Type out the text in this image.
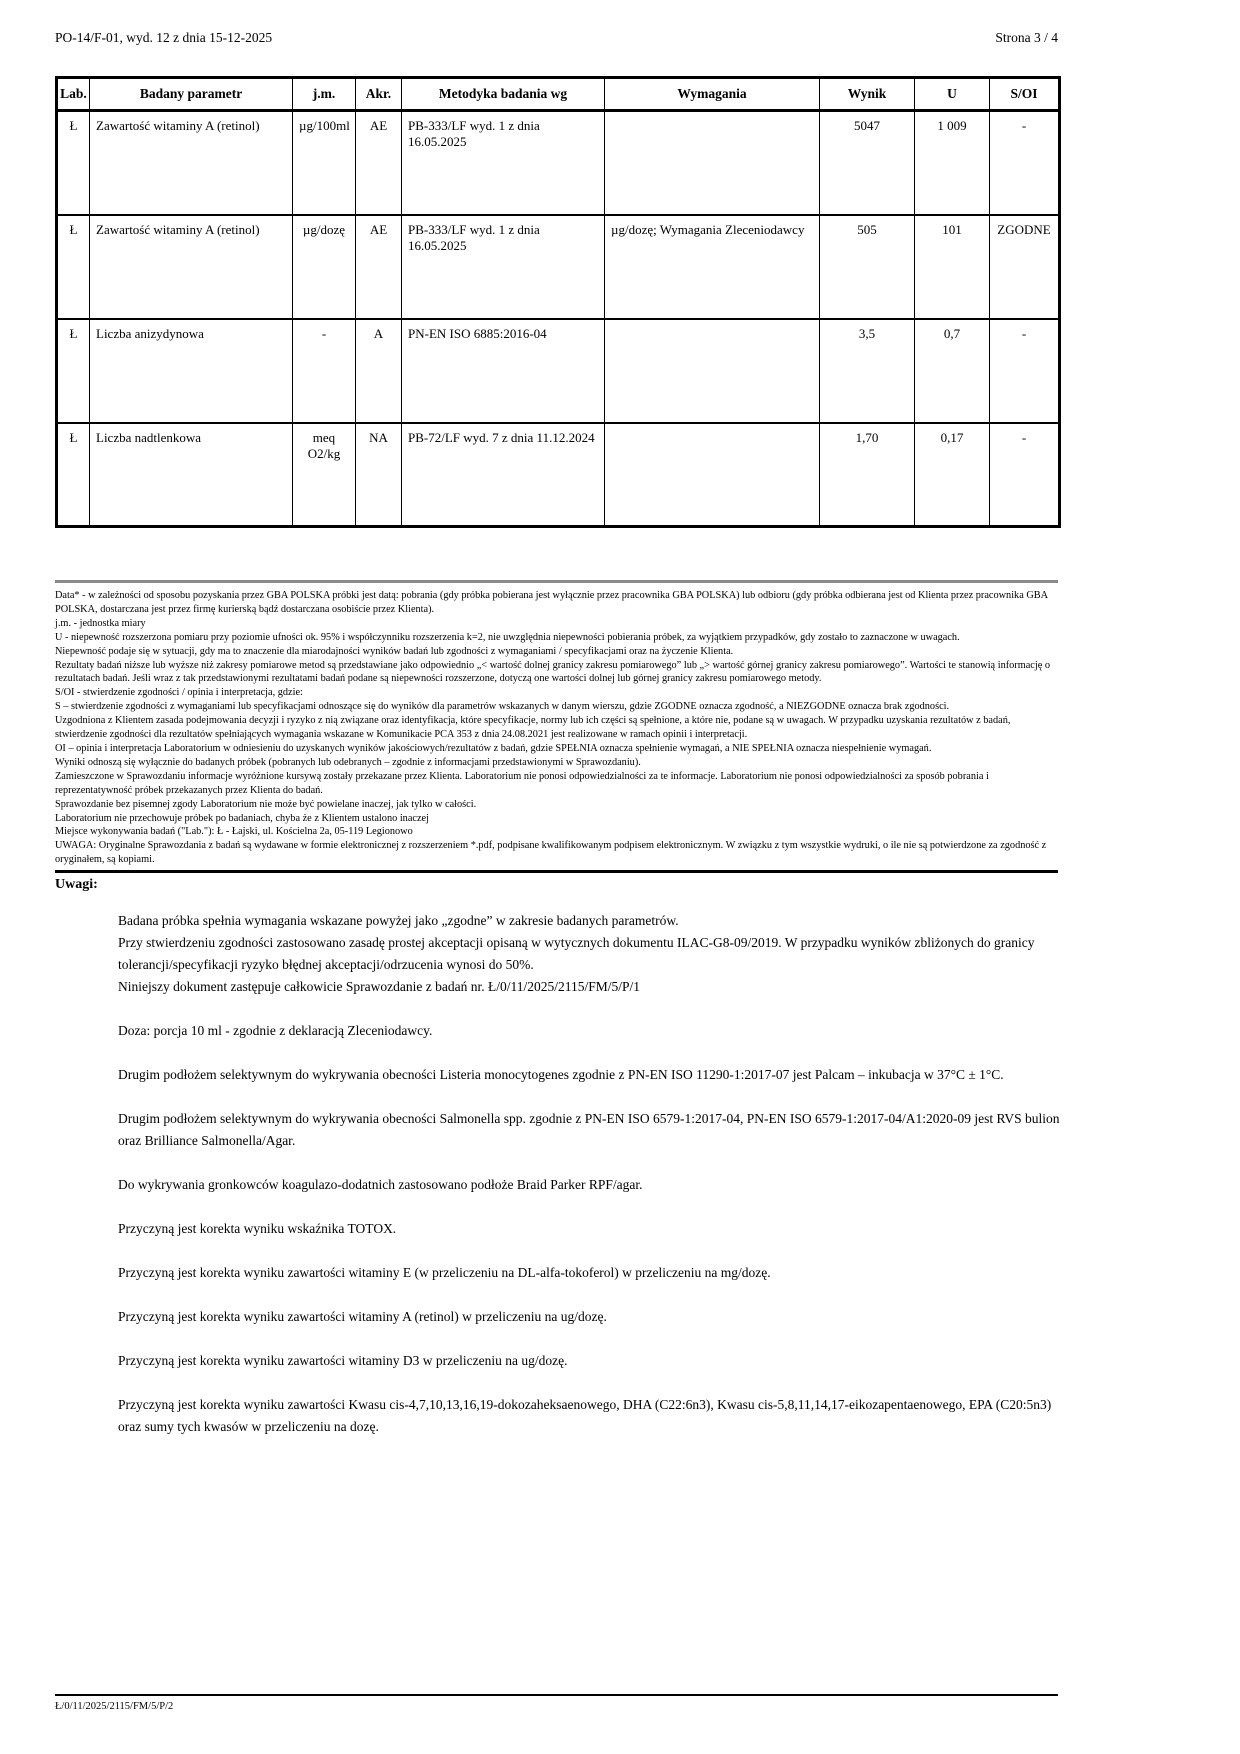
PO-14/F-01, wyd. 12 z dnia 15-12-2025	Strona 3 / 4
Lab.	Badany parametr	j.m.	Akr.	Metodyka badania wg	Wymagania	Wynik	U	S/OI
Ł	Zawartość witaminy A (retinol)	µg/100ml	AE	PB-333/LF wyd. 1 z dnia 16.05.2025		5047	1 009	-
Ł	Zawartość witaminy A (retinol)	µg/dozę	AE	PB-333/LF wyd. 1 z dnia 16.05.2025	µg/dozę; Wymagania Zleceniodawcy	505	101	ZGODNE
Ł	Liczba anizydynowa	-	A	PN-EN ISO 6885:2016-04		3,5	0,7	-
Ł	Liczba nadtlenkowa	meq O2/kg	NA	PB-72/LF wyd. 7 z dnia 11.12.2024		1,70	0,17	-

Data* - w zależności od sposobu pozyskania przez GBA POLSKA próbki jest datą: pobrania (gdy próbka pobierana jest wyłącznie przez pracownika GBA POLSKA) lub odbioru (gdy próbka odbierana jest od Klienta przez pracownika GBA POLSKA, dostarczana jest przez firmę kurierską bądź dostarczana osobiście przez Klienta).

j.m. - jednostka miary

U - niepewność rozszerzona pomiaru przy poziomie ufności ok. 95% i współczynniku rozszerzenia k=2, nie uwzględnia niepewności pobierania próbek, za wyjątkiem przypadków, gdy zostało to zaznaczone w uwagach.

Niepewność podaje się w sytuacji, gdy ma to znaczenie dla miarodajności wyników badań lub zgodności z wymaganiami / specyfikacjami oraz na życzenie Klienta.

Rezultaty badań niższe lub wyższe niż zakresy pomiarowe metod są przedstawiane jako odpowiednio „< wartość dolnej granicy zakresu pomiarowego” lub „> wartość górnej granicy zakresu pomiarowego”. Wartości te stanowią informację o rezultatach badań. Jeśli wraz z tak przedstawionymi rezultatami badań podane są niepewności rozszerzone, dotyczą one wartości dolnej lub górnej granicy zakresu pomiarowego metody.

S/OI - stwierdzenie zgodności / opinia i interpretacja, gdzie:

S – stwierdzenie zgodności z wymaganiami lub specyfikacjami odnoszące się do wyników dla parametrów wskazanych w danym wierszu, gdzie ZGODNE oznacza zgodność, a NIEZGODNE oznacza brak zgodności.

Uzgodniona z Klientem zasada podejmowania decyzji i ryzyko z nią związane oraz identyfikacja, które specyfikacje, normy lub ich części są spełnione, a które nie, podane są w uwagach. W przypadku uzyskania rezultatów z badań, stwierdzenie zgodności dla rezultatów spełniających wymagania wskazane w Komunikacie PCA 353 z dnia 24.08.2021 jest realizowane w ramach opinii i interpretacji.

OI – opinia i interpretacja Laboratorium w odniesieniu do uzyskanych wyników jakościowych/rezultatów z badań, gdzie SPEŁNIA oznacza spełnienie wymagań, a NIE SPEŁNIA oznacza niespełnienie wymagań.

Wyniki odnoszą się wyłącznie do badanych próbek (pobranych lub odebranych – zgodnie z informacjami przedstawionymi w Sprawozdaniu).

Zamieszczone w Sprawozdaniu informacje wyróżnione kursywą zostały przekazane przez Klienta. Laboratorium nie ponosi odpowiedzialności za te informacje. Laboratorium nie ponosi odpowiedzialności za sposób pobrania i reprezentatywność próbek przekazanych przez Klienta do badań.

Sprawozdanie bez pisemnej zgody Laboratorium nie może być powielane inaczej, jak tylko w całości.

Laboratorium nie przechowuje próbek po badaniach, chyba że z Klientem ustalono inaczej

Miejsce wykonywania badań ("Lab."): Ł - Łajski, ul. Kościelna 2a, 05-119 Legionowo

UWAGA: Oryginalne Sprawozdania z badań są wydawane w formie elektronicznej z rozszerzeniem *.pdf, podpisane kwalifikowanym podpisem elektronicznym. W związku z tym wszystkie wydruki, o ile nie są potwierdzone za zgodność z oryginałem, są kopiami.

Uwagi:

Badana próbka spełnia wymagania wskazane powyżej jako „zgodne” w zakresie badanych parametrów.

Przy stwierdzeniu zgodności zastosowano zasadę prostej akceptacji opisaną w wytycznych dokumentu ILAC-G8-09/2019. W przypadku wyników zbliżonych do granicy tolerancji/specyfikacji ryzyko błędnej akceptacji/odrzucenia wynosi do 50%.

Niniejszy dokument zastępuje całkowicie Sprawozdanie z badań nr. Ł/0/11/2025/2115/FM/5/P/1

Doza: porcja 10 ml - zgodnie z deklaracją Zleceniodawcy.

Drugim podłożem selektywnym do wykrywania obecności Listeria monocytogenes zgodnie z PN-EN ISO 11290-1:2017-07 jest Palcam – inkubacja w 37°C ± 1°C.

Drugim podłożem selektywnym do wykrywania obecności Salmonella spp. zgodnie z PN-EN ISO 6579-1:2017-04, PN-EN ISO 6579-1:2017-04/A1:2020-09 jest RVS bulion oraz Brilliance Salmonella/Agar.

Do wykrywania gronkowców koagulazo-dodatnich zastosowano podłoże Braid Parker RPF/agar.

Przyczyną jest korekta wyniku wskaźnika TOTOX.

Przyczyną jest korekta wyniku zawartości witaminy E (w przeliczeniu na DL-alfa-tokoferol) w przeliczeniu na mg/dozę.

Przyczyną jest korekta wyniku zawartości witaminy A (retinol) w przeliczeniu na ug/dozę.

Przyczyną jest korekta wyniku zawartości witaminy D3 w przeliczeniu na ug/dozę.

Przyczyną jest korekta wyniku zawartości Kwasu cis-4,7,10,13,16,19-dokozaheksaenowego, DHA (C22:6n3), Kwasu cis-5,8,11,14,17-eikozapentaenowego, EPA (C20:5n3) oraz sumy tych kwasów w przeliczeniu na dozę.

Ł/0/11/2025/2115/FM/5/P/2
